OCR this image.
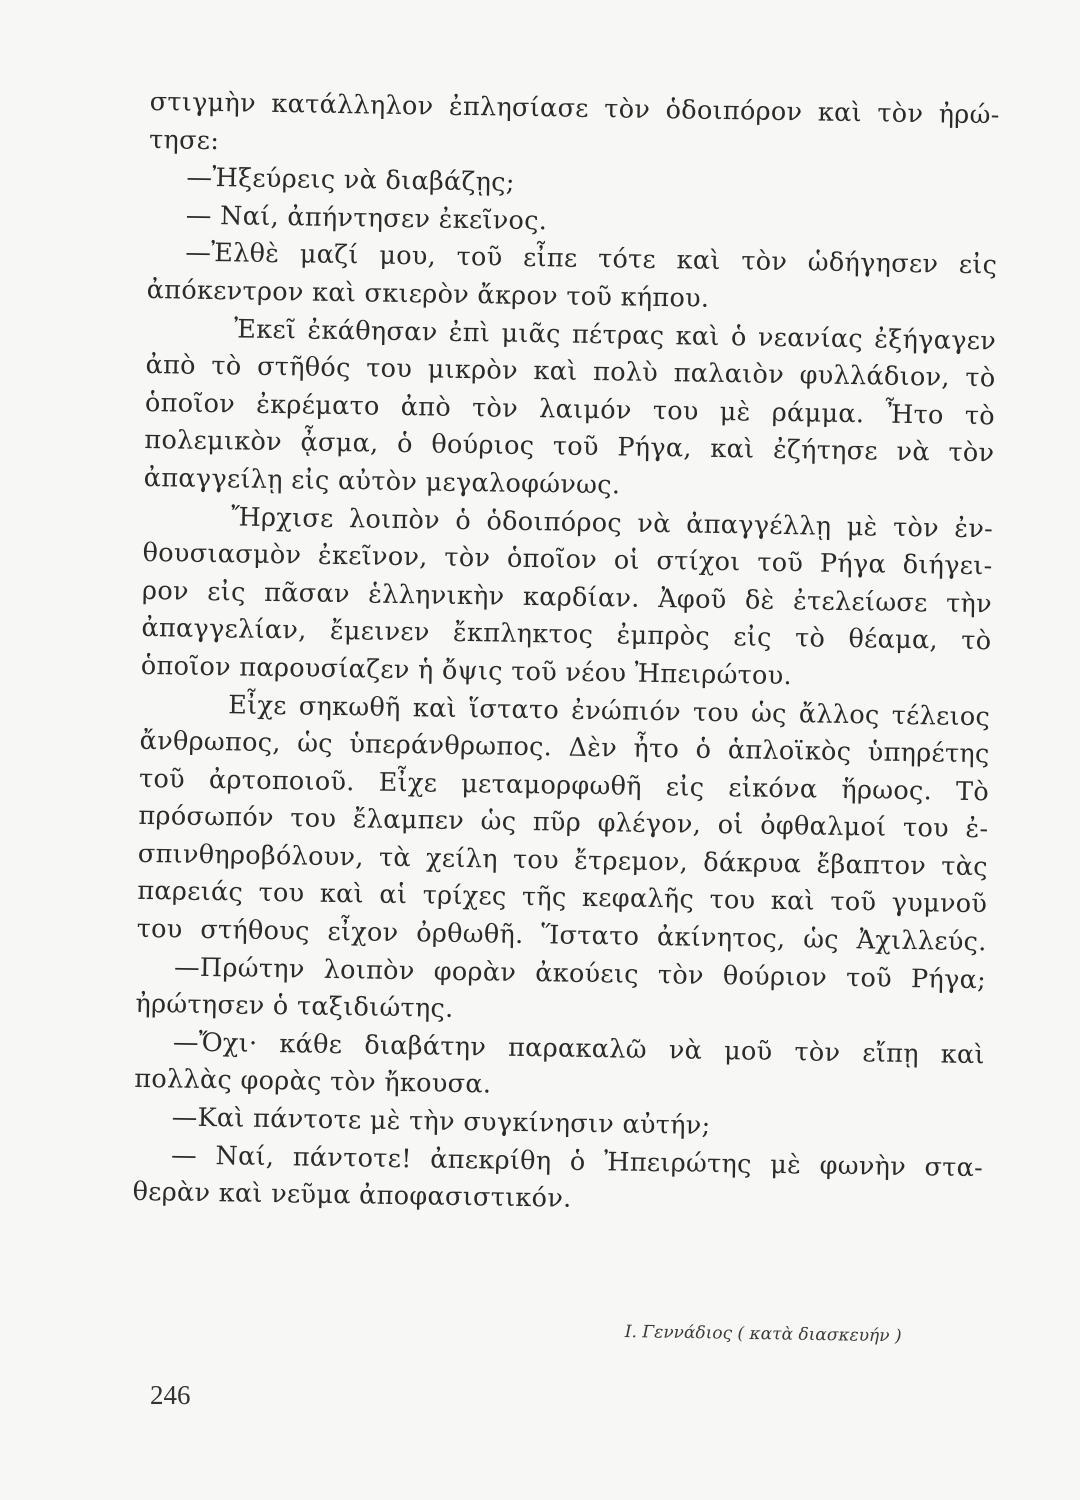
στιγμὴν κατάλληλον ἐπλησίασε τὸν ὁδοιπόρον καὶ τὸν ἠρώ-
τησε:
—Ἠξεύρεις νὰ διαβάζῃς;
— Ναί, ἀπήντησεν ἐκεῖνος.
—Ἐλθὲ μαζί μου, τοῦ εἶπε τότε καὶ τὸν ὡδήγησεν εἰς
ἀπόκεντρον καὶ σκιερὸν ἄκρον τοῦ κήπου.
Ἐκεῖ ἐκάθησαν ἐπὶ μιᾶς πέτρας καὶ ὁ νεανίας ἐξήγαγεν
ἀπὸ τὸ στῆθός του μικρὸν καὶ πολὺ παλαιὸν φυλλάδιον, τὸ
ὁποῖον ἐκρέματο ἀπὸ τὸν λαιμόν του μὲ ράμμα. Ἦτο τὸ
πολεμικὸν ᾆσμα, ὁ θούριος τοῦ Ρήγα, καὶ ἐζήτησε νὰ τὸν
ἀπαγγείλῃ εἰς αὐτὸν μεγαλοφώνως.
Ἤρχισε λοιπὸν ὁ ὁδοιπόρος νὰ ἀπαγγέλλῃ μὲ τὸν ἐν-
θουσιασμὸν ἐκεῖνον, τὸν ὁποῖον οἱ στίχοι τοῦ Ρήγα διήγει-
ρον εἰς πᾶσαν ἑλληνικὴν καρδίαν. Ἀφοῦ δὲ ἐτελείωσε τὴν
ἀπαγγελίαν, ἔμεινεν ἔκπληκτος ἐμπρὸς εἰς τὸ θέαμα, τὸ
ὁποῖον παρουσίαζεν ἡ ὄψις τοῦ νέου Ἠπειρώτου.
Εἶχε σηκωθῆ καὶ ἵστατο ἐνώπιόν του ὡς ἄλλος τέλειος
ἄνθρωπος, ὡς ὑπεράνθρωπος. Δὲν ἦτο ὁ ἁπλοϊκὸς ὑπηρέτης
τοῦ ἀρτοποιοῦ. Εἶχε μεταμορφωθῆ εἰς εἰκόνα ἥρωος. Τὸ
πρόσωπόν του ἔλαμπεν ὡς πῦρ φλέγον, οἱ ὀφθαλμοί του ἐ-
σπινθηροβόλουν, τὰ χείλη του ἔτρεμον, δάκρυα ἔβαπτον τὰς
παρειάς του καὶ αἱ τρίχες τῆς κεφαλῆς του καὶ τοῦ γυμνοῦ
του στήθους εἶχον ὀρθωθῆ. Ἵστατο ἀκίνητος, ὡς Ἀχιλλεύς.
—Πρώτην λοιπὸν φορὰν ἀκούεις τὸν θούριον τοῦ Ρήγα;
ἠρώτησεν ὁ ταξιδιώτης.
—Ὄχι· κάθε διαβάτην παρακαλῶ νὰ μοῦ τὸν εἴπῃ καὶ
πολλὰς φορὰς τὸν ἤκουσα.
—Καὶ πάντοτε μὲ τὴν συγκίνησιν αὐτήν;
— Ναί, πάντοτε! ἀπεκρίθη ὁ Ἠπειρώτης μὲ φωνὴν στα-
θερὰν καὶ νεῦμα ἀποφασιστικόν.
Ι. Γεννάδιος ( κατὰ διασκευήν )
246
